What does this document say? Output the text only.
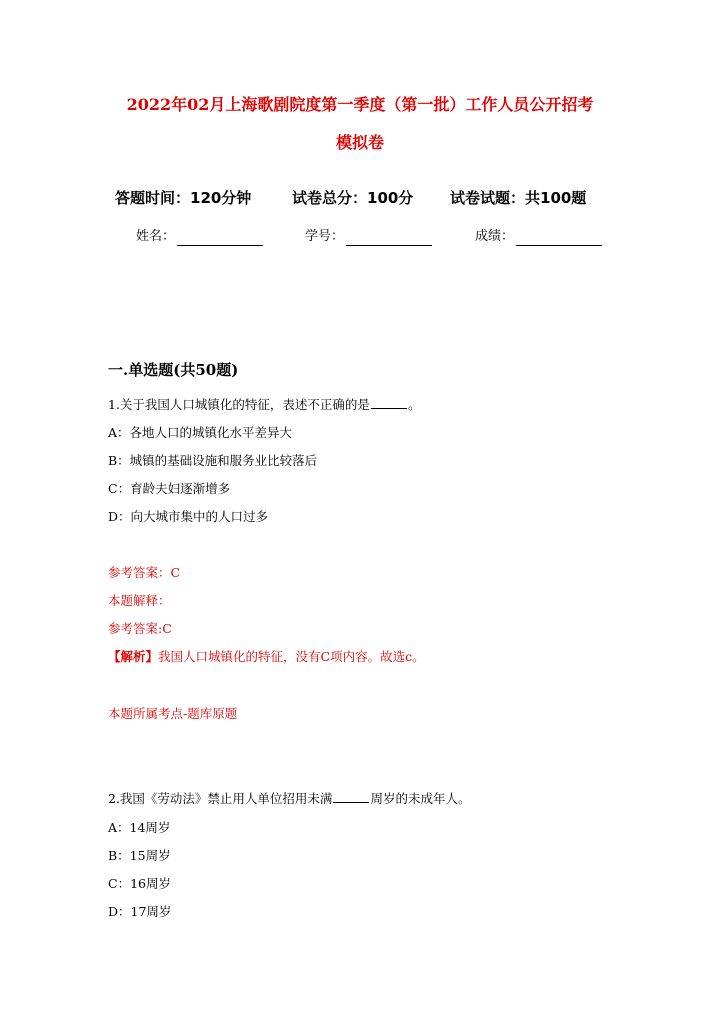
2022年02月上海歌剧院度第一季度（第一批）工作人员公开招考
模拟卷
答题时间：120分钟	试卷总分：100分 试卷试题：共100题
姓名：	学号：	成绩：
一.单选题(共50题)
1.关于我国人口城镇化的特征，表述不正确的是	。
A：各地人口的城镇化水平差异大
B：城镇的基础设施和服务业比较落后
C：育龄夫妇逐渐增多
D：向大城市集中的人口过多
参考答案：C
本题解释：
参考答案:C
【解析】我国人口城镇化的特征，没有C项内容。故选c。
本题所属考点-题库原题
2.我国《劳动法》禁止用人单位招用未满	周岁的未成年人。
A：14周岁
B：15周岁
C：16周岁
D：17周岁
